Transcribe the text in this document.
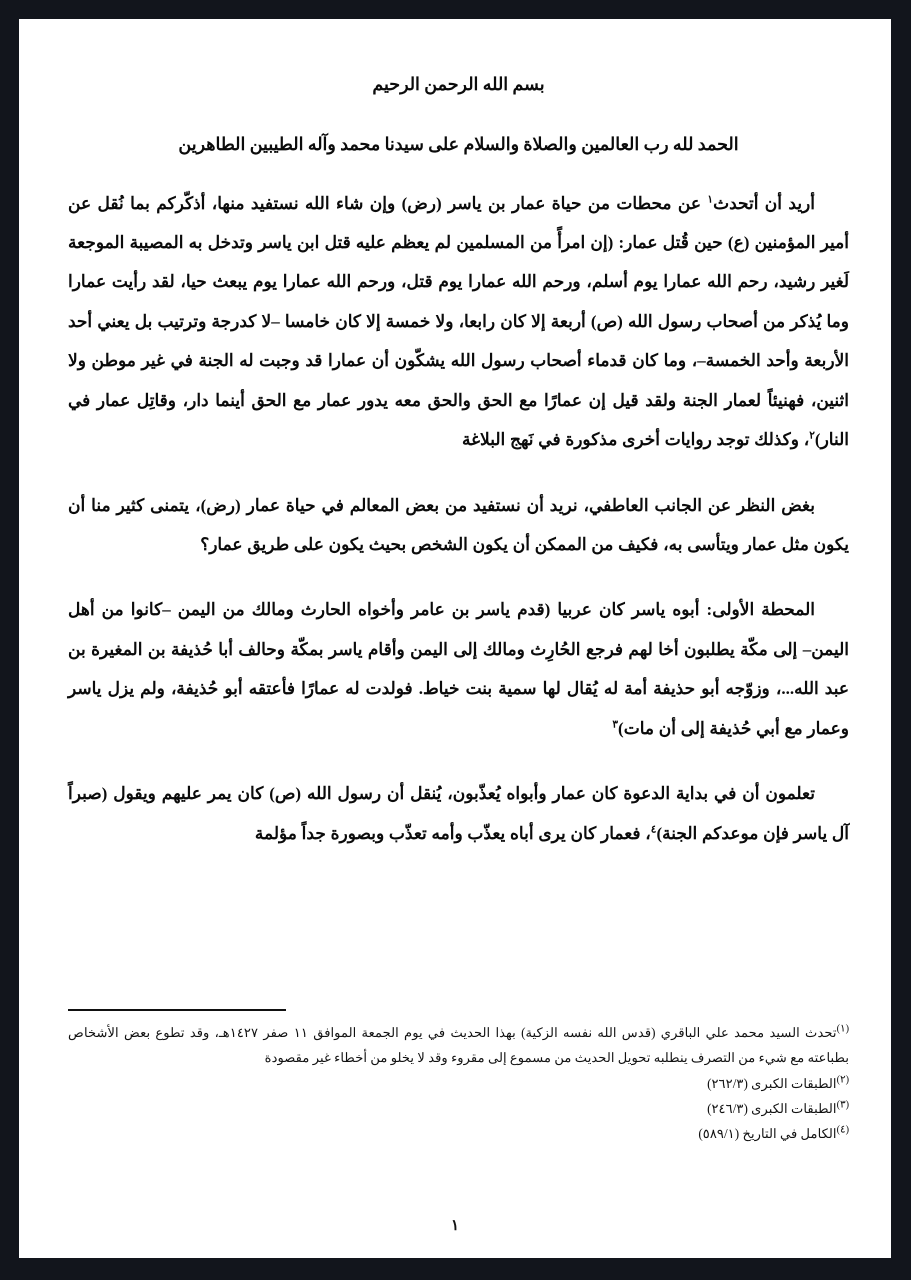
بسم الله الرحمن الرحيم

الحمد لله رب العالمين والصلاة والسلام على سيدنا محمد وآله الطيبين الطاهرين

أريد أن أتحدث$^١$ عن محطات من حياة عمار بن ياسر (رض) وإن شاء الله نستفيد منها، أذكّركم بما نُقل عن أمير المؤمنين (ع) حين قُتل عمار: (إن امرأً من المسلمين لم يعظم عليه قتل ابن ياسر وتدخل به المصيبة الموجعة لَغير رشيد، رحم الله عمارا يوم أسلم، ورحم الله عمارا يوم قتل، ورحم الله عمارا يوم يبعث حيا، لقد رأيت عمارا وما يُذكر من أصحاب رسول الله (ص) أربعة إلا كان رابعا، ولا خمسة إلا كان خامسا –لا كدرجة وترتيب بل يعني أحد الأربعة وأحد الخمسة–، وما كان قدماء أصحاب رسول الله يشكّون أن عمارا قد وجبت له الجنة في غير موطن ولا اثنين، فهنيئاً لعمار الجنة ولقد قيل إن عمارًا مع الحق والحق معه يدور عمار مع الحق أينما دار، وقاتِل عمار في النار)$^٢$، وكذلك توجد روايات أخرى مذكورة في نَهج البلاغة

بغض النظر عن الجانب العاطفي، نريد أن نستفيد من بعض المعالم في حياة عمار (رض)، يتمنى كثير منا أن يكون مثل عمار ويتأسى به، فكيف من الممكن أن يكون الشخص بحيث يكون على طريق عمار؟

المحطة الأولى: أبوه ياسر كان عربيا (قدم ياسر بن عامر وأخواه الحارث ومالك من اليمن –كانوا من أهل اليمن– إلى مكّة يطلبون أخا لهم فرجع الحُارِث ومالك إلى اليمن وأقام ياسر بمكّة وحالف أبا حُذيفة بن المغيرة بن عبد الله...، وزوّجه أبو حذيفة أمة له يُقال لها سمية بنت خياط. فولدت له عمارًا فأعتقه أبو حُذيفة، ولم يزل ياسر وعمار مع أبي حُذيفة إلى أن مات)$^٣$

تعلمون أن في بداية الدعوة كان عمار وأبواه يُعذّبون، يُنقل أن رسول الله (ص) كان يمر عليهم ويقول (صبراً آل ياسر فإن موعدكم الجنة)$^٤$، فعمار كان يرى أباه يعذّب وأمه تعذّب وبصورة جداً مؤلمة

$^{(١)}$تحدث السيد محمد علي الباقري (قدس الله نفسه الزكية) بهذا الحديث في يوم الجمعة الموافق ١١ صفر ١٤٢٧هـ، وقد تطوع بعض الأشخاص بطباعته مع شيء من التصرف ينطلبه تحويل الحديث من مسموع إلى مقروء وقد لا يخلو من أخطاء غير مقصودة

$^{(٢)}$الطبقات الكبرى (٢٦٢/٣)

$^{(٣)}$الطبقات الكبرى (٢٤٦/٣)

$^{(٤)}$الكامل في التاريخ (٥٨٩/١)

١
